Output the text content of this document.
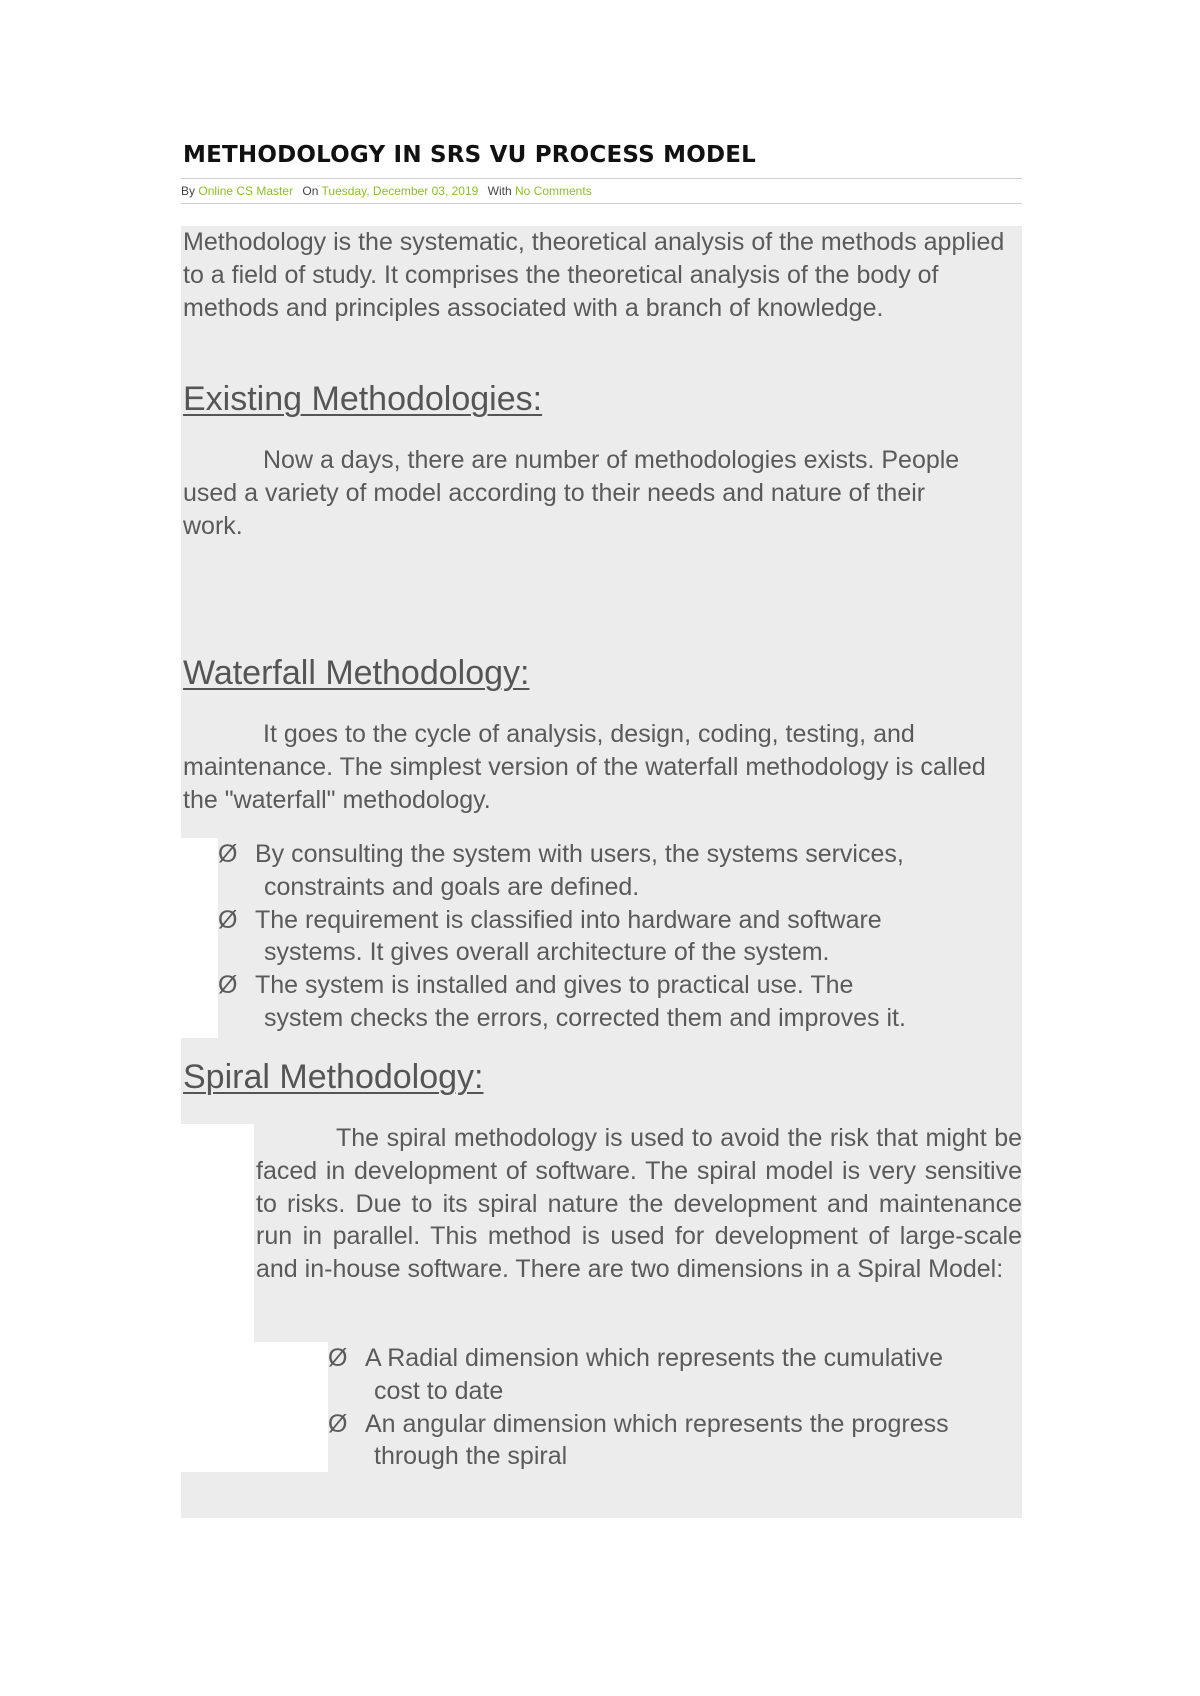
METHODOLOGY IN SRS VU PROCESS MODEL
By Online CS Master On Tuesday, December 03, 2019 With No Comments

Methodology is the systematic, theoretical analysis of the methods applied to a field of study. It comprises the theoretical analysis of the body of methods and principles associated with a branch of knowledge.

Existing Methodologies:

Now a days, there are number of methodologies exists. People used a variety of model according to their needs and nature of their work.

Waterfall Methodology:

It goes to the cycle of analysis, design, coding, testing, and maintenance. The simplest version of the waterfall methodology is called the "waterfall" methodology.

Ø By consulting the system with users, the systems services,
constraints and goals are defined.
Ø The requirement is classified into hardware and software
systems. It gives overall architecture of the system.
Ø The system is installed and gives to practical use. The
system checks the errors, corrected them and improves it.
Spiral Methodology:

The spiral methodology is used to avoid the risk that might be faced in development of software. The spiral model is very sensitive to risks. Due to its spiral nature the development and maintenance run in parallel. This method is used for development of large-scale and in-house software. There are two dimensions in a Spiral Model:

Ø A Radial dimension which represents the cumulative
cost to date
Ø An angular dimension which represents the progress
through the spiral
